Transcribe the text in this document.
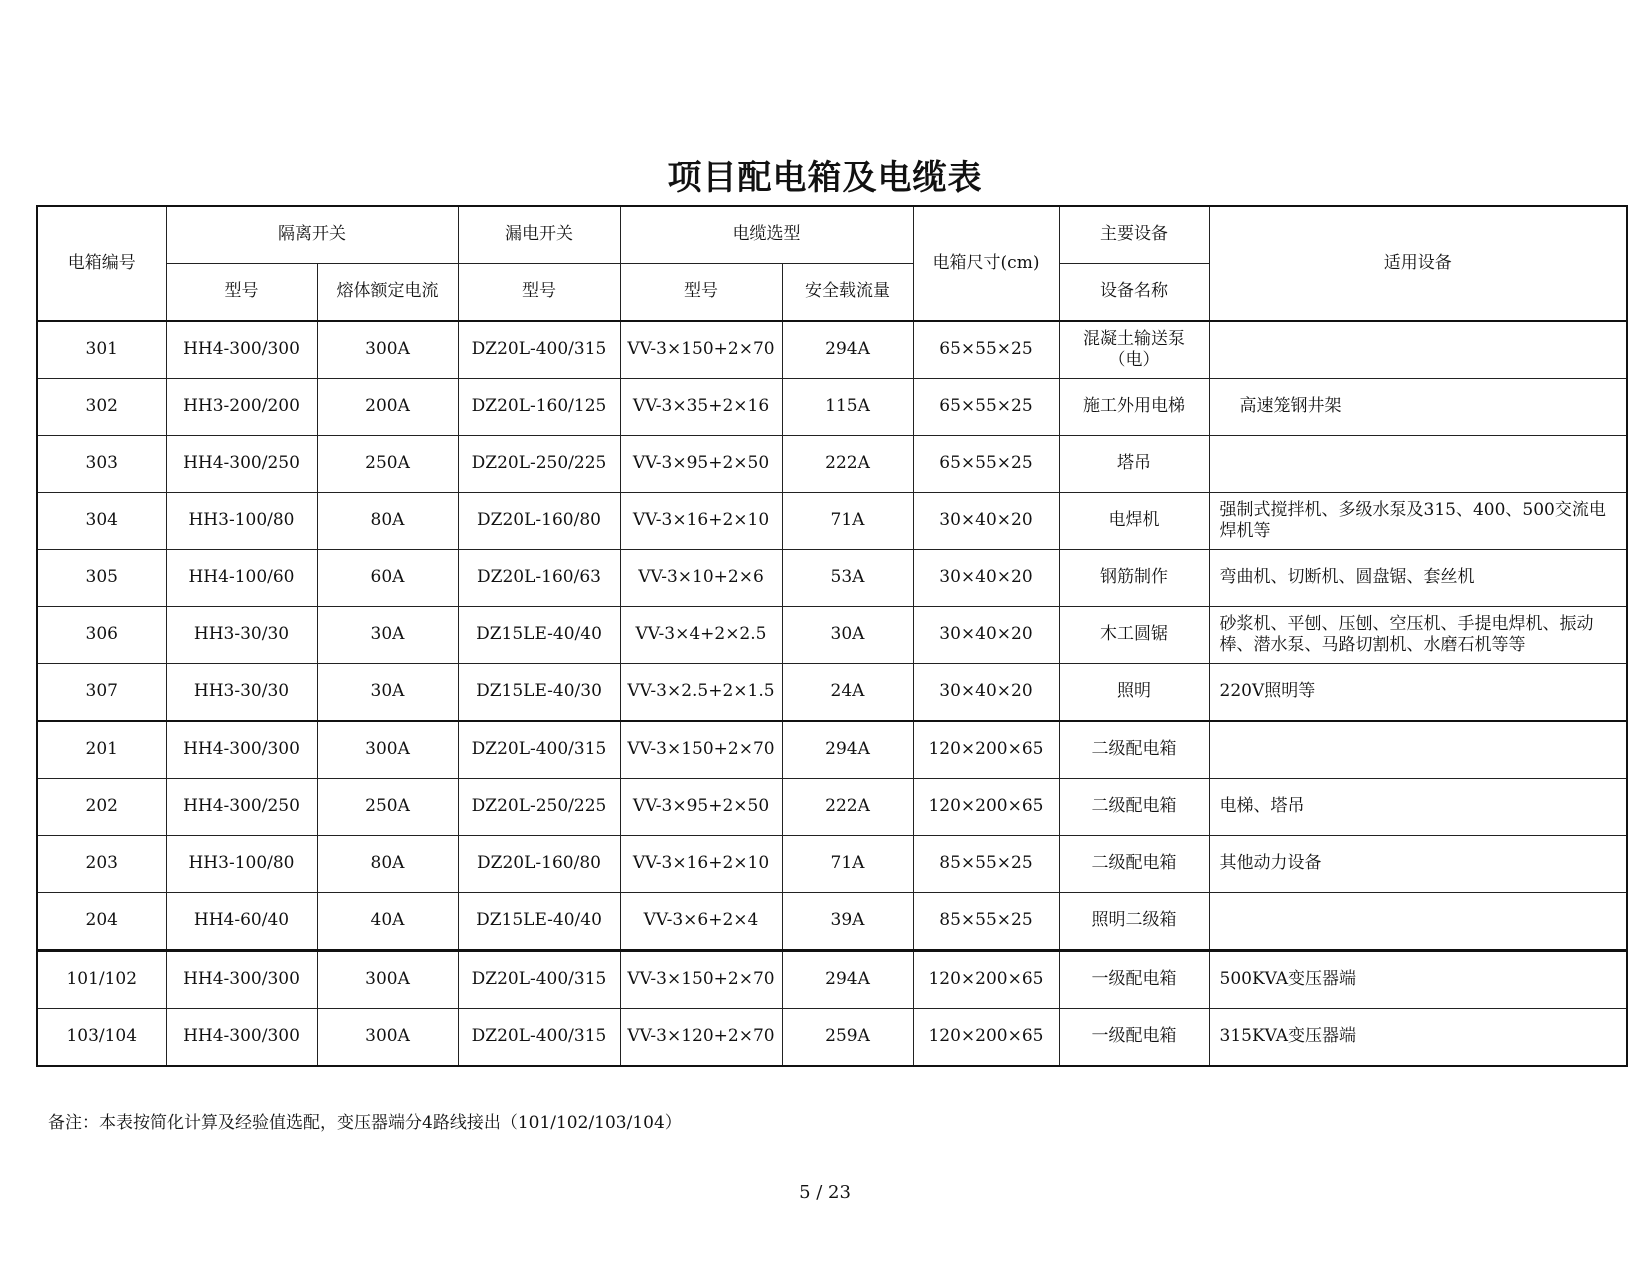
项目配电箱及电缆表
电箱编号	隔离开关		漏电开关	电缆选型		电箱尺寸(cm)	主要设备	适用设备
	型号	熔体额定电流	型号	型号	安全载流量		设备名称	
301	HH4-300/300	300A	DZ20L-400/315	VV-3×150+2×70	294A	65×55×25	混凝土输送泵（电）	
302	HH3-200/200	200A	DZ20L-160/125	VV-3×35+2×16	115A	65×55×25	施工外用电梯	高速笼钢井架
303	HH4-300/250	250A	DZ20L-250/225	VV-3×95+2×50	222A	65×55×25	塔吊	
304	HH3-100/80	80A	DZ20L-160/80	VV-3×16+2×10	71A	30×40×20	电焊机	强制式搅拌机、多级水泵及315、400、500交流电焊机等
305	HH4-100/60	60A	DZ20L-160/63	VV-3×10+2×6	53A	30×40×20	钢筋制作	弯曲机、切断机、圆盘锯、套丝机
306	HH3-30/30	30A	DZ15LE-40/40	VV-3×4+2×2.5	30A	30×40×20	木工圆锯	砂浆机、平刨、压刨、空压机、手提电焊机、振动棒、潜水泵、马路切割机、水磨石机等等
307	HH3-30/30	30A	DZ15LE-40/30	VV-3×2.5+2×1.5	24A	30×40×20	照明	220V照明等
201	HH4-300/300	300A	DZ20L-400/315	VV-3×150+2×70	294A	120×200×65	二级配电箱	
202	HH4-300/250	250A	DZ20L-250/225	VV-3×95+2×50	222A	120×200×65	二级配电箱	电梯、塔吊
203	HH3-100/80	80A	DZ20L-160/80	VV-3×16+2×10	71A	85×55×25	二级配电箱	其他动力设备
204	HH4-60/40	40A	DZ15LE-40/40	VV-3×6+2×4	39A	85×55×25	照明二级箱	
101/102	HH4-300/300	300A	DZ20L-400/315	VV-3×150+2×70	294A	120×200×65	一级配电箱	500KVA变压器端
103/104	HH4-300/300	300A	DZ20L-400/315	VV-3×120+2×70	259A	120×200×65	一级配电箱	315KVA变压器端
备注：本表按简化计算及经验值选配，变压器端分4路线接出（101/102/103/104）
5 / 23
